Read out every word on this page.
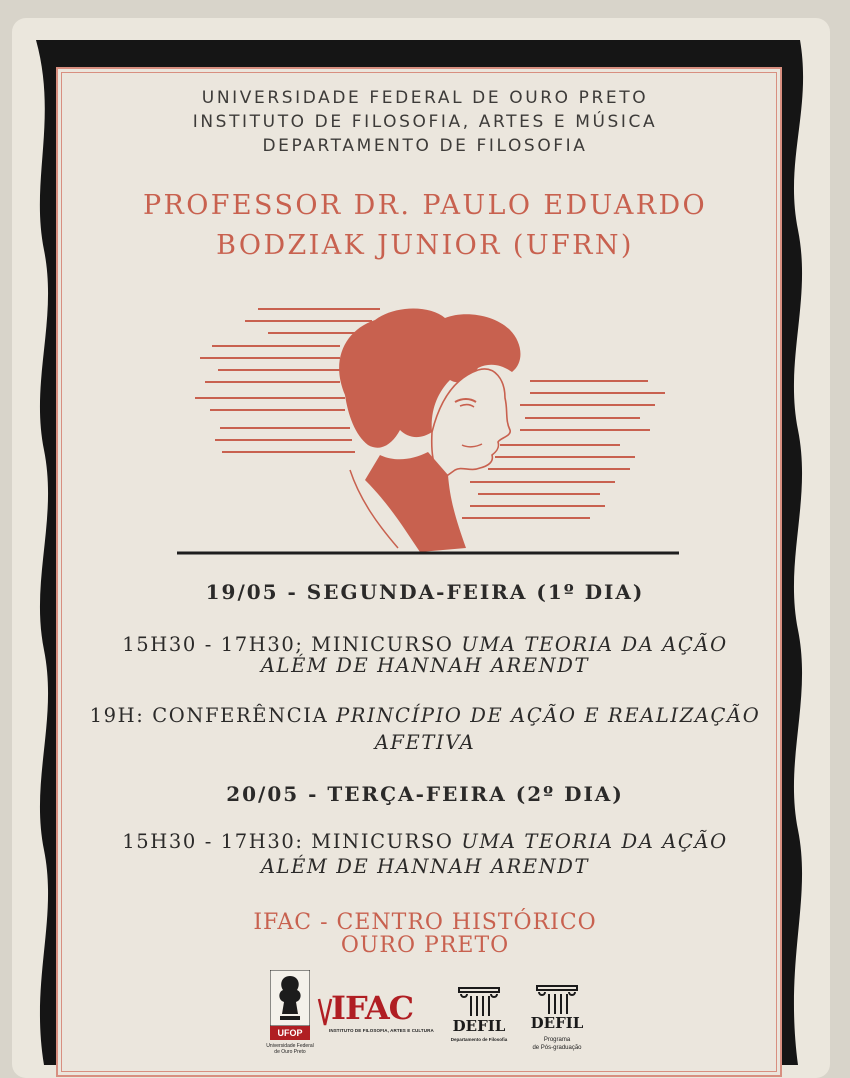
UNIVERSIDADE FEDERAL DE OURO PRETO
INSTITUTO DE FILOSOFIA, ARTES E MÚSICA
DEPARTAMENTO DE FILOSOFIA
PROFESSOR DR. PAULO EDUARDO
BODZIAK JUNIOR (UFRN)
19/05 - SEGUNDA-FEIRA (1º DIA)
15H30 - 17H30; MINICURSO UMA TEORIA DA AÇÃO
ALÉM DE HANNAH ARENDT
19H: CONFERÊNCIA PRINCÍPIO DE AÇÃO E REALIZAÇÃO
AFETIVA
20/05 - TERÇA-FEIRA (2º DIA)
15H30 - 17H30: MINICURSO UMA TEORIA DA AÇÃO
ALÉM DE HANNAH ARENDT
IFAC - CENTRO HISTÓRICO
OURO PRETO
UFOP
Universidade Federal
de Ouro Preto
IFAC
INSTITUTO DE FILOSOFIA, ARTES E CULTURA	DEFIL
Departamento de Filosofia
DEFIL
Programa
de Pós-graduação
